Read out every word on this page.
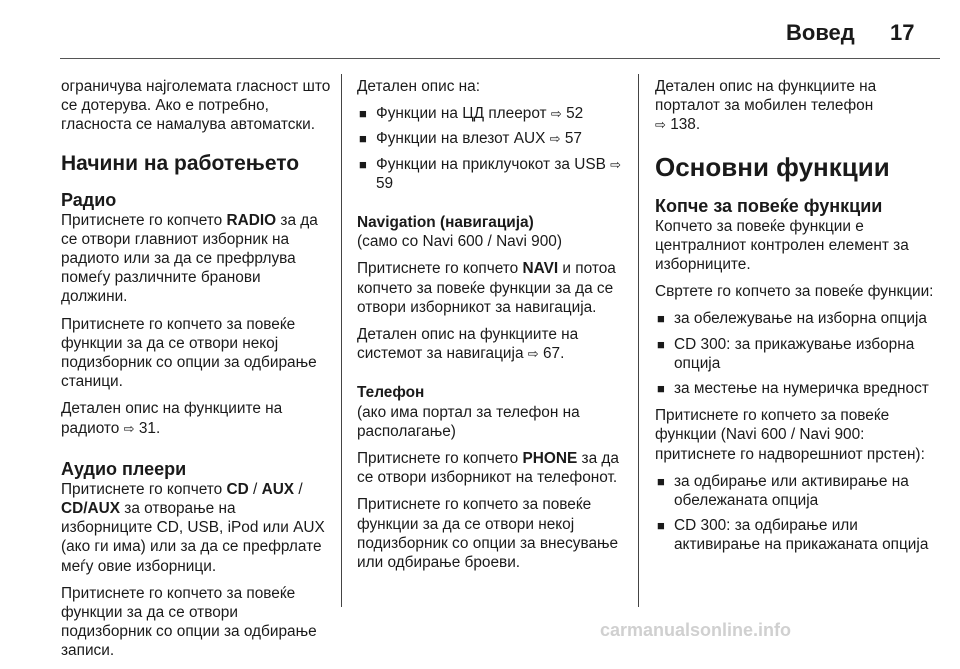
Вовед 17

ограничува најголемата гласност што се дотерува. Ако е потребно, гласноста се намалува автоматски.

Начини на работењето
Радио

Притиснете го копчето RADIO за да се отвори главниот изборник на радиото или за да се префрлува помеѓу различните бранови должини.

Притиснете го копчето за повеќе функции за да се отвори некој подизборник со опции за одбирање станици.

Детален опис на функциите на радиото ⇨ 31.

Аудио плеери

Притиснете го копчето CD / AUX / CD/AUX за отворање на изборниците CD, USB, iPod или AUX (ако ги има) или за да се префрлате меѓу овие изборници.

Притиснете го копчето за повеќе функции за да се отвори подизборник со опции за одбирање записи.

Детален опис на:

■ Функции на ЦД плеерот ⇨ 52
■ Функции на влезот AUX ⇨ 57
■ Функции на приклучокот за USB ⇨ 59
Navigation (навигација)

(само со Navi 600 / Navi 900)

Притиснете го копчето NAVI и потоа копчето за повеќе функции за да се отвори изборникот за навигација.

Детален опис на функциите на системот за навигација ⇨ 67.

Телефон

(ако има портал за телефон на располагање)

Притиснете го копчето PHONE за да се отвори изборникот на телефонот.

Притиснете го копчето за повеќе функции за да се отвори некој подизборник со опции за внесување или одбирање броеви.

Детален опис на функциите на порталот за мобилен телефон
⇨ 138.

Основни функции
Копче за повеќе функции

Копчето за повеќе функции е централниот контролен елемент за изборниците.

Свртете го копчето за повеќе функции:

■ за обележување на изборна опција
■ CD 300: за прикажување изборна опција
■ за местење на нумеричка вредност

Притиснете го копчето за повеќе функции (Navi 600 / Navi 900: притиснете го надворешниот прстен):

■ за одбирање или активирање на обележаната опција
■ CD 300: за одбирање или активирање на прикажаната опција
carmanualsonline.info
